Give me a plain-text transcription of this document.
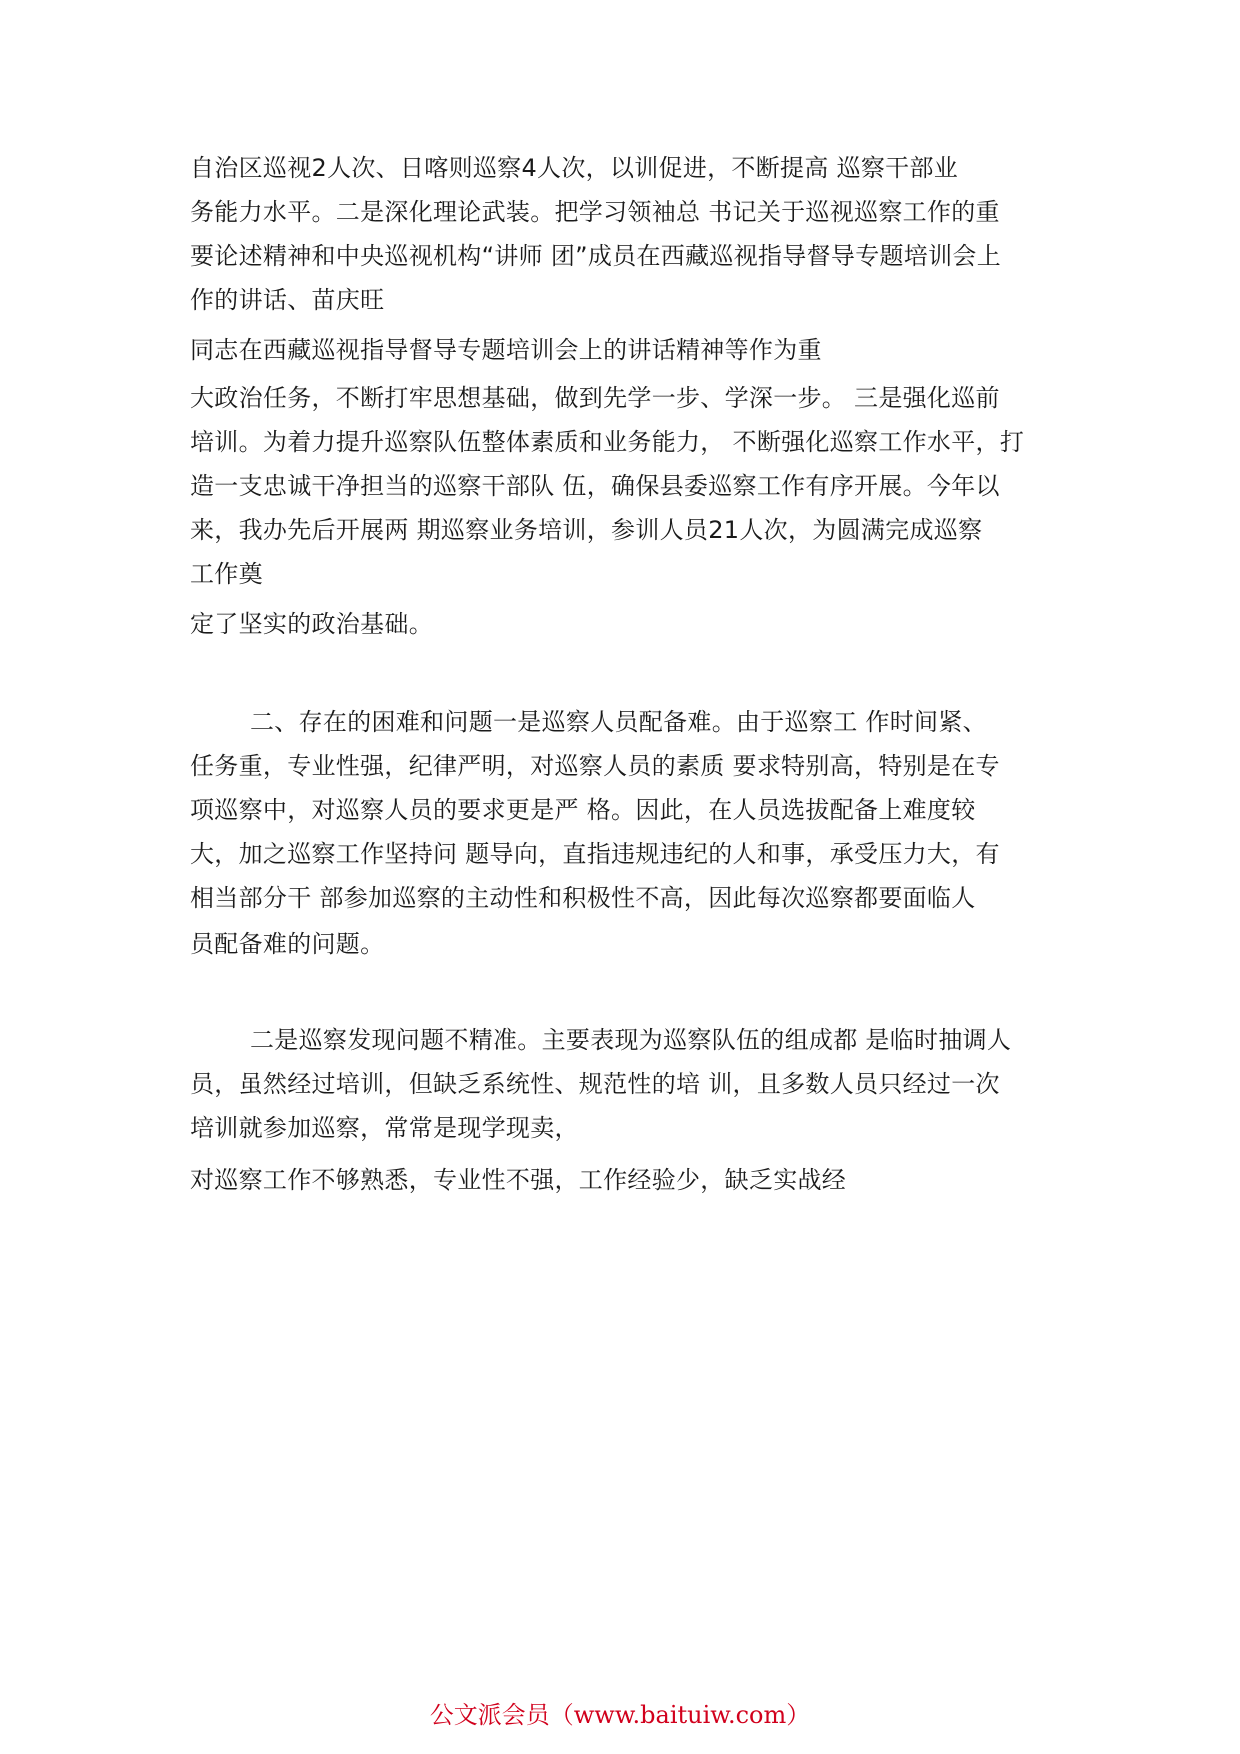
自治区巡视2人次、日喀则巡察4人次，以训促进，不断提高 巡察干部业
务能力水平。二是深化理论武装。把学习领袖总 书记关于巡视巡察工作的重
要论述精神和中央巡视机构“讲师 团”成员在西藏巡视指导督导专题培训会上
作的讲话、苗庆旺
同志在西藏巡视指导督导专题培训会上的讲话精神等作为重
大政治任务，不断打牢思想基础，做到先学一步、学深一步。 三是强化巡前
培训。为着力提升巡察队伍整体素质和业务能力， 不断强化巡察工作水平，打
造一支忠诚干净担当的巡察干部队 伍，确保县委巡察工作有序开展。今年以
来，我办先后开展两 期巡察业务培训，参训人员21人次，为圆满完成巡察
工作奠
定了坚实的政治基础。
二、存在的困难和问题一是巡察人员配备难。由于巡察工 作时间紧、
任务重，专业性强，纪律严明，对巡察人员的素质 要求特别高，特别是在专
项巡察中，对巡察人员的要求更是严 格。因此，在人员选拔配备上难度较
大，加之巡察工作坚持问 题导向，直指违规违纪的人和事，承受压力大，有
相当部分干 部参加巡察的主动性和积极性不高，因此每次巡察都要面临人
员配备难的问题。
二是巡察发现问题不精准。主要表现为巡察队伍的组成都 是临时抽调人
员，虽然经过培训，但缺乏系统性、规范性的培 训，且多数人员只经过一次
培训就参加巡察，常常是现学现卖，
对巡察工作不够熟悉，专业性不强，工作经验少，缺乏实战经
公文派会员（www.baituiw.com）
